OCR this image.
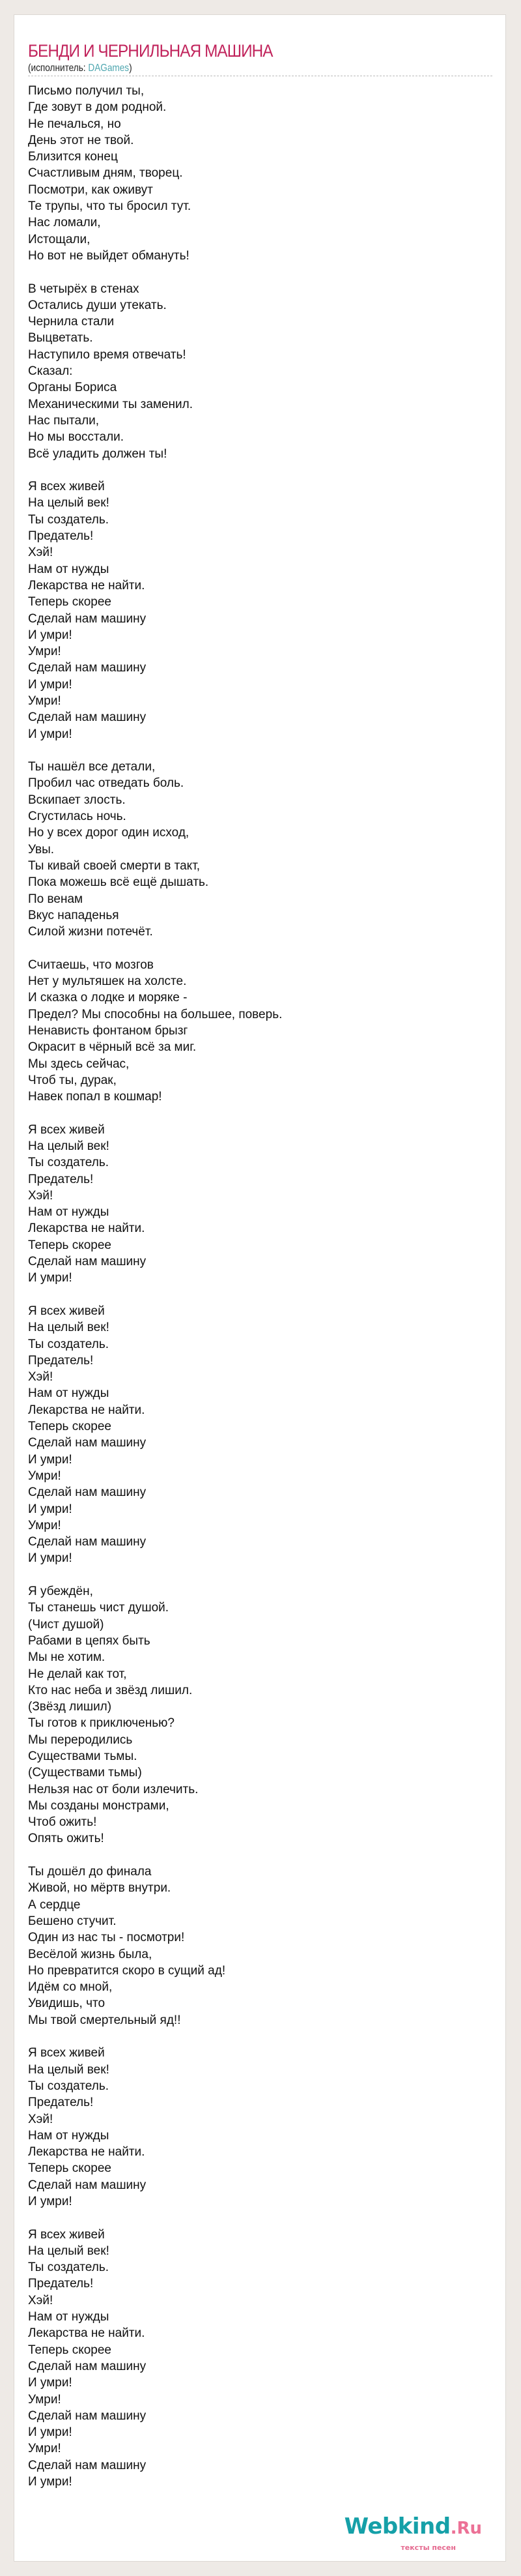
БЕНДИ И ЧЕРНИЛЬНАЯ МАШИНА
(исполнитель: DAGames)
Письмо получил ты,
Где зовут в дом родной.
Не печалься, но
День этот не твой.
Близится конец
Счастливым дням, творец.
Посмотри, как оживут
Те трупы, что ты бросил тут.
Нас ломали,
Истощали,
Но вот не выйдет обмануть!
В четырёх в стенах
Остались души утекать.
Чернила стали
Выцветать.
Наступило время отвечать!
Сказал:
Органы Бориса
Механическими ты заменил.
Нас пытали,
Но мы восстали.
Всё уладить должен ты!
Я всех живей
На целый век!
Ты создатель.
Предатель!
Хэй!
Нам от нужды
Лекарства не найти.
Теперь скорее
Сделай нам машину
И умри!
Умри!
Сделай нам машину
И умри!
Умри!
Сделай нам машину
И умри!
Ты нашёл все детали,
Пробил час отведать боль.
Вскипает злость.
Сгустилась ночь.
Но у всех дорог один исход,
Увы.
Ты кивай своей смерти в такт,
Пока можешь всё ещё дышать.
По венам
Вкус нападенья
Силой жизни потечёт.
Считаешь, что мозгов
Нет у мультяшек на холсте.
И сказка о лодке и моряке -
Предел? Мы способны на большее, поверь.
Ненависть фонтаном брызг
Окрасит в чёрный всё за миг.
Мы здесь сейчас,
Чтоб ты, дурак,
Навек попал в кошмар!
Я всех живей
На целый век!
Ты создатель.
Предатель!
Хэй!
Нам от нужды
Лекарства не найти.
Теперь скорее
Сделай нам машину
И умри!
Я всех живей
На целый век!
Ты создатель.
Предатель!
Хэй!
Нам от нужды
Лекарства не найти.
Теперь скорее
Сделай нам машину
И умри!
Умри!
Сделай нам машину
И умри!
Умри!
Сделай нам машину
И умри!
Я убеждён,
Ты станешь чист душой.
(Чист душой)
Рабами в цепях быть
Мы не хотим.
Не делай как тот,
Кто нас неба и звёзд лишил.
(Звёзд лишил)
Ты готов к приключенью?
Мы переродились
Существами тьмы.
(Существами тьмы)
Нельзя нас от боли излечить.
Мы созданы монстрами,
Чтоб ожить!
Опять ожить!
Ты дошёл до финала
Живой, но мёртв внутри.
А сердце
Бешено стучит.
Один из нас ты - посмотри!
Весёлой жизнь была,
Но превратится скоро в сущий ад!
Идём со мной,
Увидишь, что
Мы твой смертельный яд!!
Я всех живей
На целый век!
Ты создатель.
Предатель!
Хэй!
Нам от нужды
Лекарства не найти.
Теперь скорее
Сделай нам машину
И умри!
Я всех живей
На целый век!
Ты создатель.
Предатель!
Хэй!
Нам от нужды
Лекарства не найти.
Теперь скорее
Сделай нам машину
И умри!
Умри!
Сделай нам машину
И умри!
Умри!
Сделай нам машину
И умри!
Webkind.Ru
тексты песен
